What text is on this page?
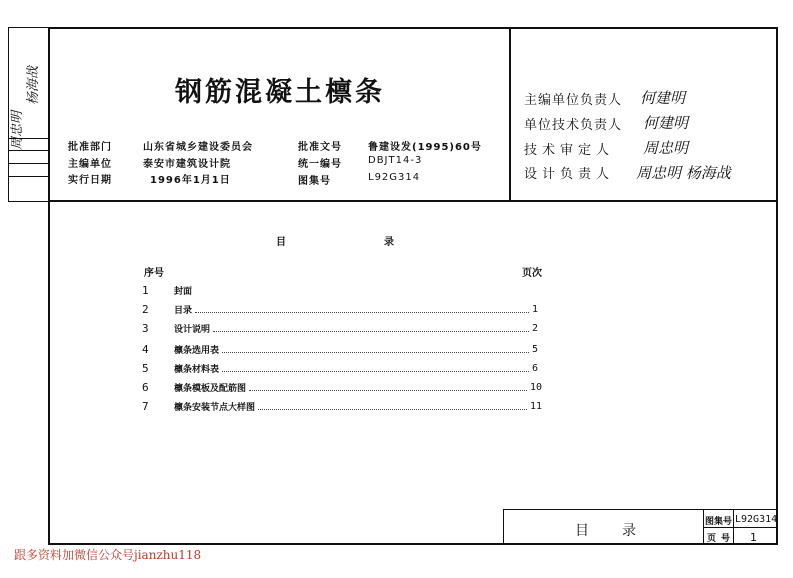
周忠明
杨海战	钢筋混凝土檩条
批准部门	山东省城乡建设委员会
主编单位	泰安市建筑设计院
实行日期	1996年1月1日
批准文号	鲁建设发(1995)60号
统一编号	DBJT14-3
图集号	L92G314
主编单位负责人 何建明
单位技术负责人 何建明
技术审定人 周忠明
设计负责人 周忠明 杨海战
目	录
序号	页次
1	封面
2	目录	1
3	设计说明	2
4	檩条选用表	5
5	檩条材料表	6
6	檩条模板及配筋图	10
7	檩条安装节点大样图	11
目 录
图集号 L92G314
页号 1
跟多资料加微信公众号jianzhu118
